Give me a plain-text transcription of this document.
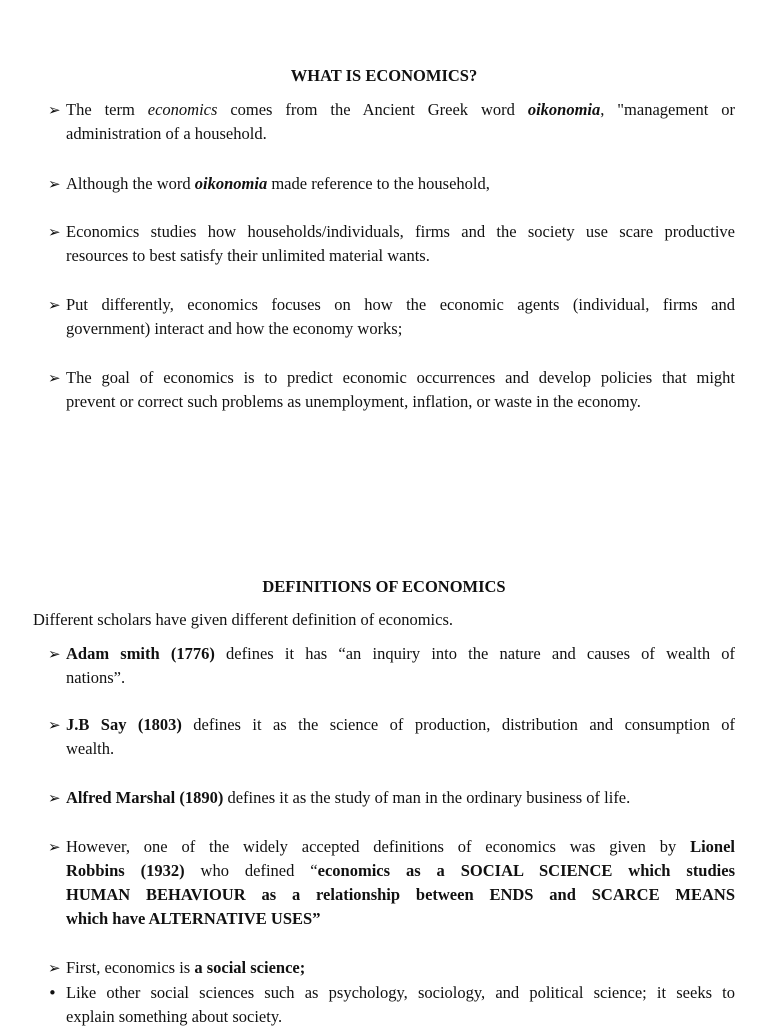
WHAT IS ECONOMICS?
➢ The term economics comes from the Ancient Greek word oikonomia, "management or
administration of a household.
➢ Although the word oikonomia made reference to the household,
➢ Economics studies how households/individuals, firms and the society use scare productive
resources to best satisfy their unlimited material wants.
➢ Put differently, economics focuses on how the economic agents (individual, firms and
government) interact and how the economy works;
➢ The goal of economics is to predict economic occurrences and develop policies that might
prevent or correct such problems as unemployment, inflation, or waste in the economy.
DEFINITIONS OF ECONOMICS
Different scholars have given different definition of economics.
➢ Adam smith (1776) defines it has “an inquiry into the nature and causes of wealth of
nations”.
➢ J.B Say (1803) defines it as the science of production, distribution and consumption of
wealth.
➢ Alfred Marshal (1890) defines it as the study of man in the ordinary business of life.
➢ However, one of the widely accepted definitions of economics was given by Lionel
Robbins (1932) who defined “economics as a SOCIAL SCIENCE which studies
HUMAN BEHAVIOUR as a relationship between ENDS and SCARCE MEANS
which have ALTERNATIVE USES”
➢ First, economics is a social science;
• Like other social sciences such as psychology, sociology, and political science; it seeks to
explain something about society.
